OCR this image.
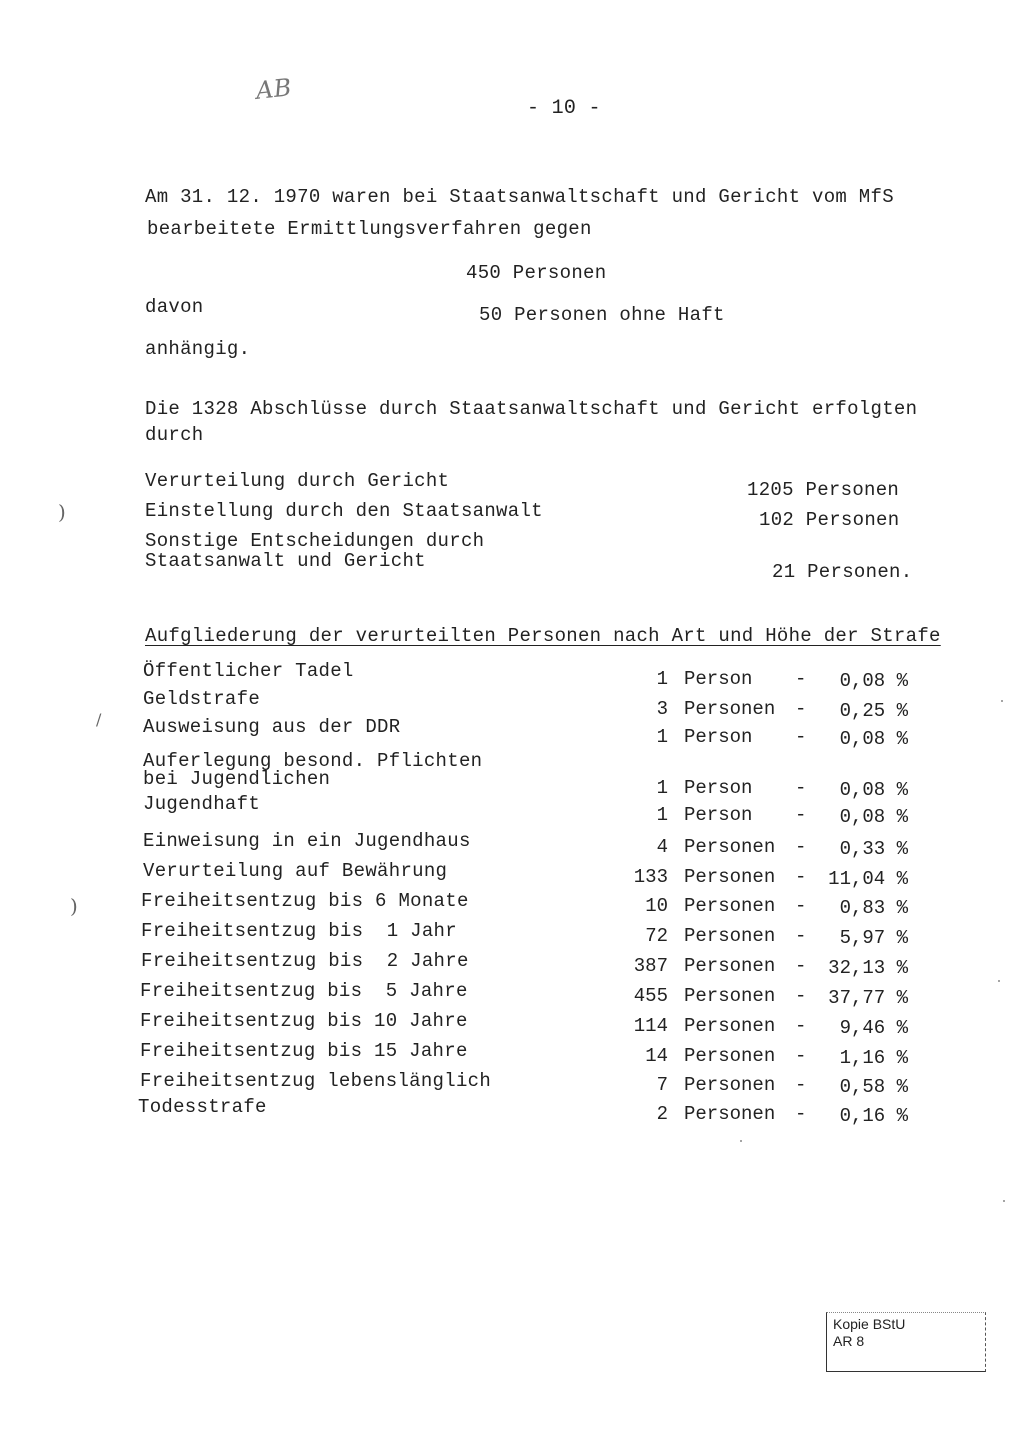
AB
- 10 -
Am 31. 12. 1970 waren bei Staatsanwaltschaft und Gericht vom MfS
bearbeitete Ermittlungsverfahren gegen
450 Personen
davon	50 Personen ohne Haft
anhängig.
Die 1328 Abschlüsse durch Staatsanwaltschaft und Gericht erfolgten
durch
Verurteilung durch Gericht	1205 Personen
Einstellung durch den Staatsanwalt	102 Personen
Sonstige Entscheidungen durch
Staatsanwalt und Gericht	21 Personen.
Aufgliederung der verurteilten Personen nach Art und Höhe der Strafe
Öffentlicher Tadel	1 Person -	0,08 %
Geldstrafe	3 Personen -	0,25 %
Ausweisung aus der DDR	1 Person -	0,08 %
Auferlegung besond. Pflichten
bei Jugendlichen	1 Person -	0,08 %
Jugendhaft	1 Person -	0,08 %
Einweisung in ein Jugendhaus	4 Personen -	0,33 %
Verurteilung auf Bewährung	133 Personen -	11,04 %
Freiheitsentzug bis 6 Monate	10 Personen -	0,83 %
Freiheitsentzug bis  1 Jahr	72 Personen -	5,97 %
Freiheitsentzug bis  2 Jahre	387 Personen -	32,13 %
Freiheitsentzug bis  5 Jahre	455 Personen -	37,77 %
Freiheitsentzug bis 10 Jahre	114 Personen -	9,46 %
Freiheitsentzug bis 15 Jahre	14 Personen -	1,16 %
Freiheitsentzug lebenslänglich	7 Personen -	0,58 %
Todesstrafe	2 Personen -	0,16 %
Kopie BStU
AR 8
)
/
)
